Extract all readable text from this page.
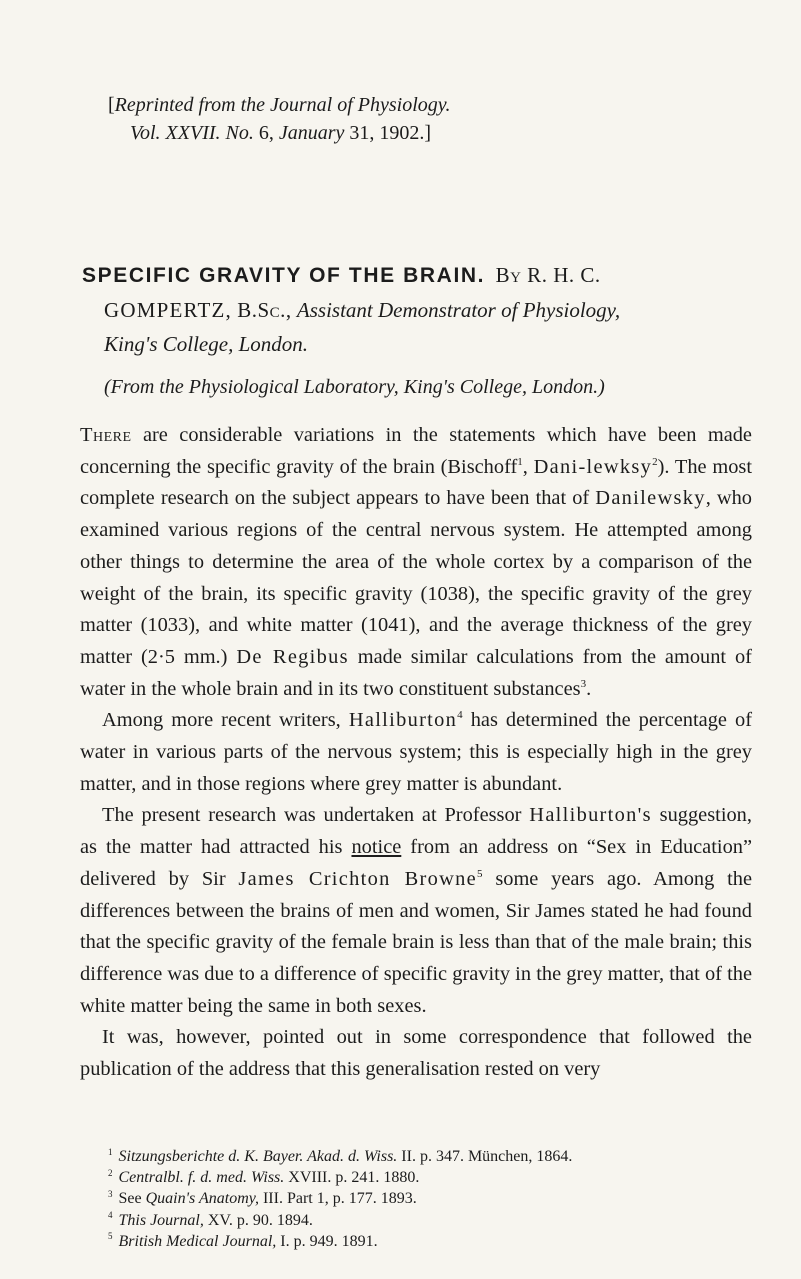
[Reprinted from the Journal of Physiology.
Vol. XXVII. No. 6, January 31, 1902.]
SPECIFIC GRAVITY OF THE BRAIN. By R. H. C.
GOMPERTZ, B.Sc., Assistant Demonstrator of Physiology,
King's College, London.
(From the Physiological Laboratory, King's College, London.)

There are considerable variations in the statements which have been made concerning the specific gravity of the brain (Bischoff$^1$, Dani-lewksy$^2$). The most complete research on the subject appears to have been that of Danilewsky, who examined various regions of the central nervous system. He attempted among other things to determine the area of the whole cortex by a comparison of the weight of the brain, its specific gravity (1038), the specific gravity of the grey matter (1033), and white matter (1041), and the average thickness of the grey matter (2·5 mm.) De Regibus made similar calculations from the amount of water in the whole brain and in its two constituent substances$^3$.

Among more recent writers, Halliburton$^4$ has determined the percentage of water in various parts of the nervous system; this is especially high in the grey matter, and in those regions where grey matter is abundant.

The present research was undertaken at Professor Halliburton's suggestion, as the matter had attracted his notice from an address on “Sex in Education” delivered by Sir James Crichton Browne$^5$ some years ago. Among the differences between the brains of men and women, Sir James stated he had found that the specific gravity of the female brain is less than that of the male brain; this difference was due to a difference of specific gravity in the grey matter, that of the white matter being the same in both sexes.

It was, however, pointed out in some correspondence that followed the publication of the address that this generalisation rested on very

$^1$ Sitzungsberichte d. K. Bayer. Akad. d. Wiss. II. p. 347. München, 1864.
$^2$ Centralbl. f. d. med. Wiss. XVIII. p. 241. 1880.
$^3$ See Quain's Anatomy, III. Part 1, p. 177. 1893.
$^4$ This Journal, XV. p. 90. 1894.
$^5$ British Medical Journal, I. p. 949. 1891.
